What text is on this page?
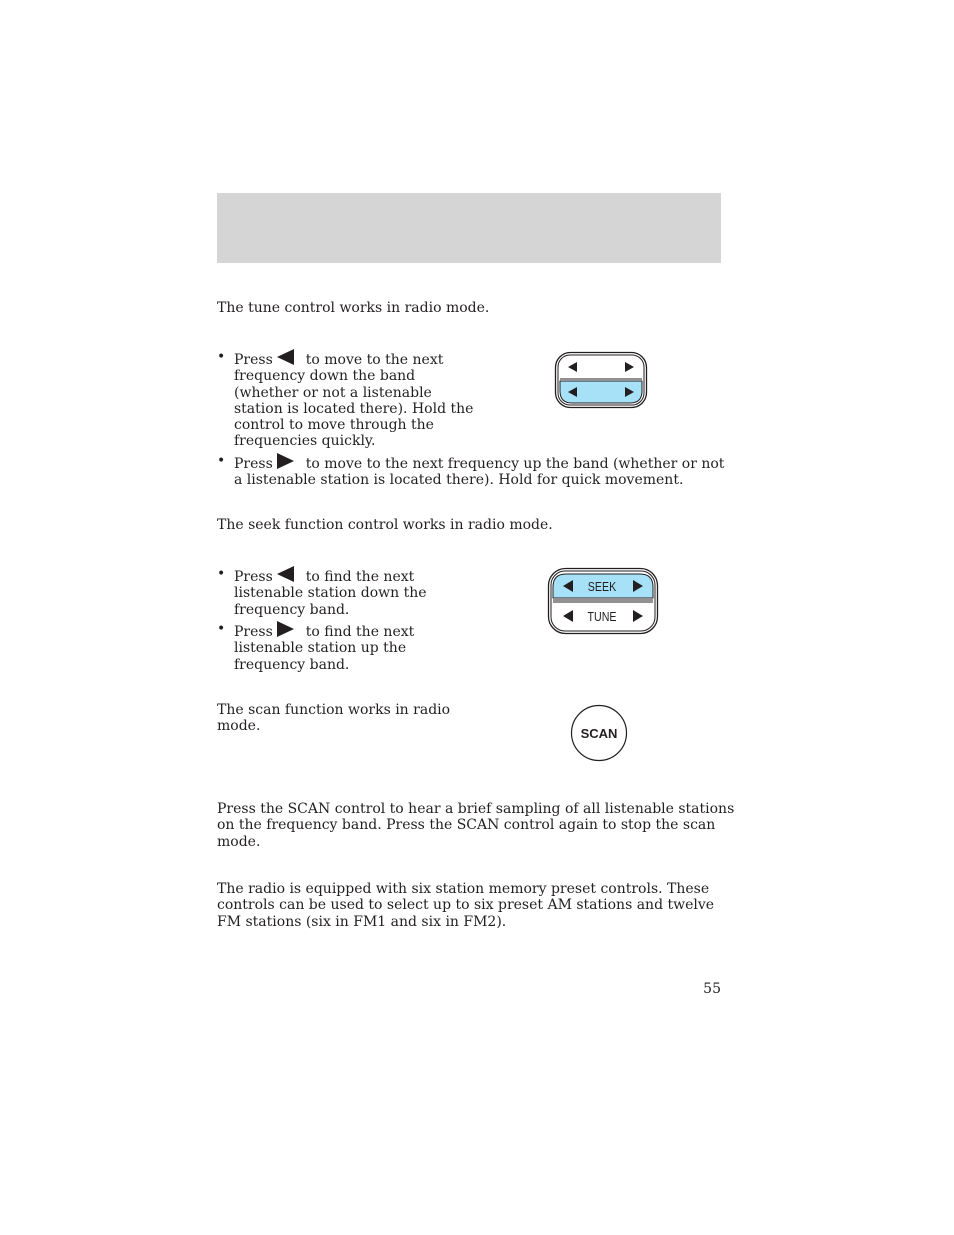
The tune control works in radio mode.

• Press to move to the next
frequency down the band
(whether or not a listenable
station is located there). Hold the
control to move through the
frequencies quickly.
• Press to move to the next frequency up the band (whether or not
a listenable station is located there). Hold for quick movement.

The seek function control works in radio mode.

• Press to find the next
listenable station down the
frequency band.
• Press to find the next
listenable station up the
frequency band.
SEEK
TUNE
The scan function works in radio
mode.	SCAN
Press the SCAN control to hear a brief sampling of all listenable stations
on the frequency band. Press the SCAN control again to stop the scan
mode.
The radio is equipped with six station memory preset controls. These
controls can be used to select up to six preset AM stations and twelve
FM stations (six in FM1 and six in FM2).
55
